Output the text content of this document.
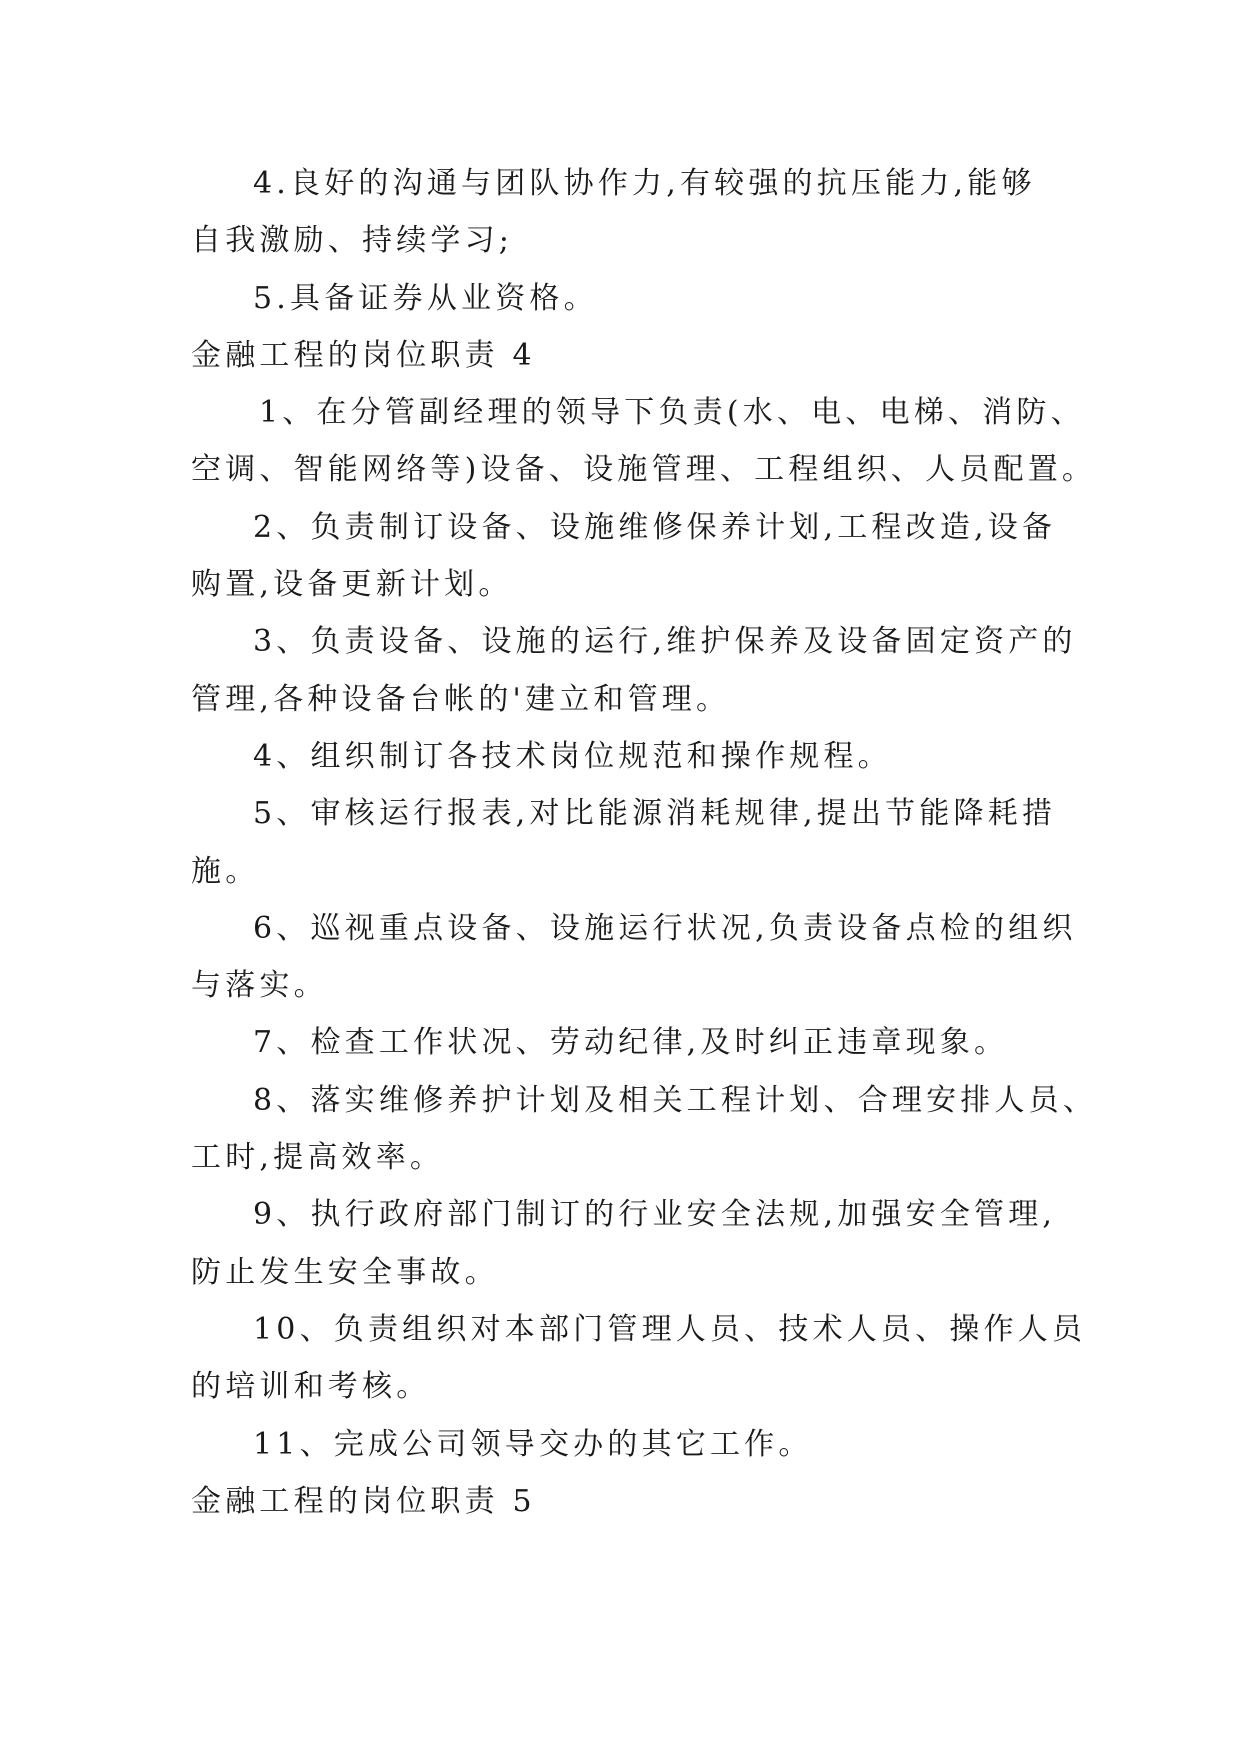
4.良好的沟通与团队协作力,有较强的抗压能力,能够
自我激励、持续学习;
5.具备证券从业资格。
金融工程的岗位职责 4
1、在分管副经理的领导下负责(水、电、电梯、消防、
空调、智能网络等)设备、设施管理、工程组织、人员配置。
2、负责制订设备、设施维修保养计划,工程改造,设备
购置,设备更新计划。
3、负责设备、设施的运行,维护保养及设备固定资产的
管理,各种设备台帐的'建立和管理。
4、组织制订各技术岗位规范和操作规程。
5、审核运行报表,对比能源消耗规律,提出节能降耗措
施。
6、巡视重点设备、设施运行状况,负责设备点检的组织
与落实。
7、检查工作状况、劳动纪律,及时纠正违章现象。
8、落实维修养护计划及相关工程计划、合理安排人员、
工时,提高效率。
9、执行政府部门制订的行业安全法规,加强安全管理,
防止发生安全事故。
10、负责组织对本部门管理人员、技术人员、操作人员
的培训和考核。
11、完成公司领导交办的其它工作。
金融工程的岗位职责 5
